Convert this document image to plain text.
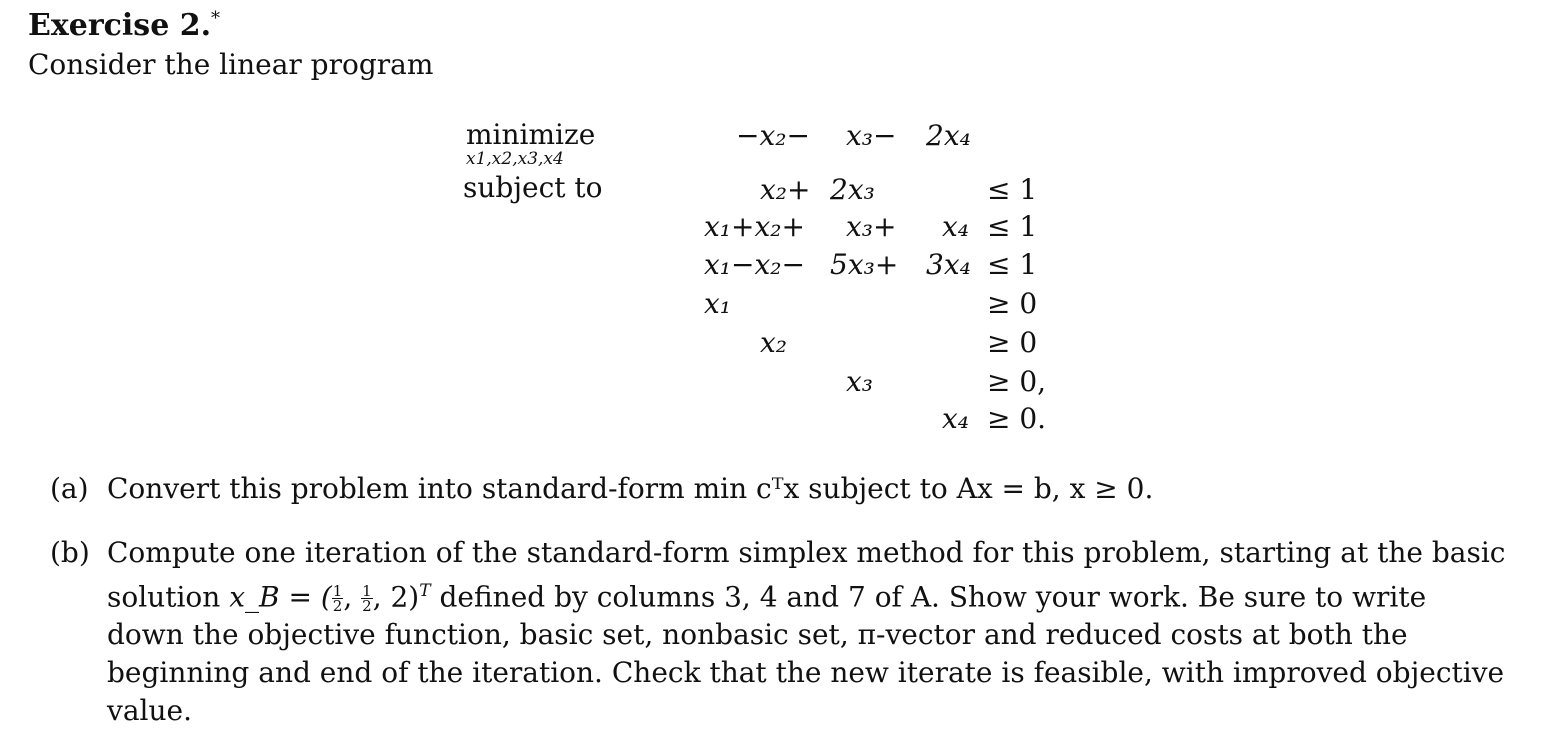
Exercise 2.*
Consider the linear program
minimize
x1,x2,x3,x4
subject to
−x₂− x₃− 2x₄
x₂+ 2x₃	≤ 1
x₁+x₂+ x₃+ x₄ ≤ 1
x₁−x₂− 5x₃+ 3x₄ ≤ 1
x₁	≥ 0
x₂	≥ 0
x₃	≥ 0,
x₄ ≥ 0.
(a) Convert this problem into standard-form min cᵀx subject to Ax = b, x ≥ 0.
(b) Compute one iteration of the standard-form simplex method for this problem, starting at the basic solution x_B = ( $\frac{1}{2}$ , $\frac{1}{2}$ , 2)$^T$ defined by columns 3, 4 and 7 of A. Show your work. Be sure to write down the objective function, basic set, nonbasic set, π-vector and reduced costs at both the beginning and end of the iteration. Check that the new iterate is feasible, with improved objective value.
